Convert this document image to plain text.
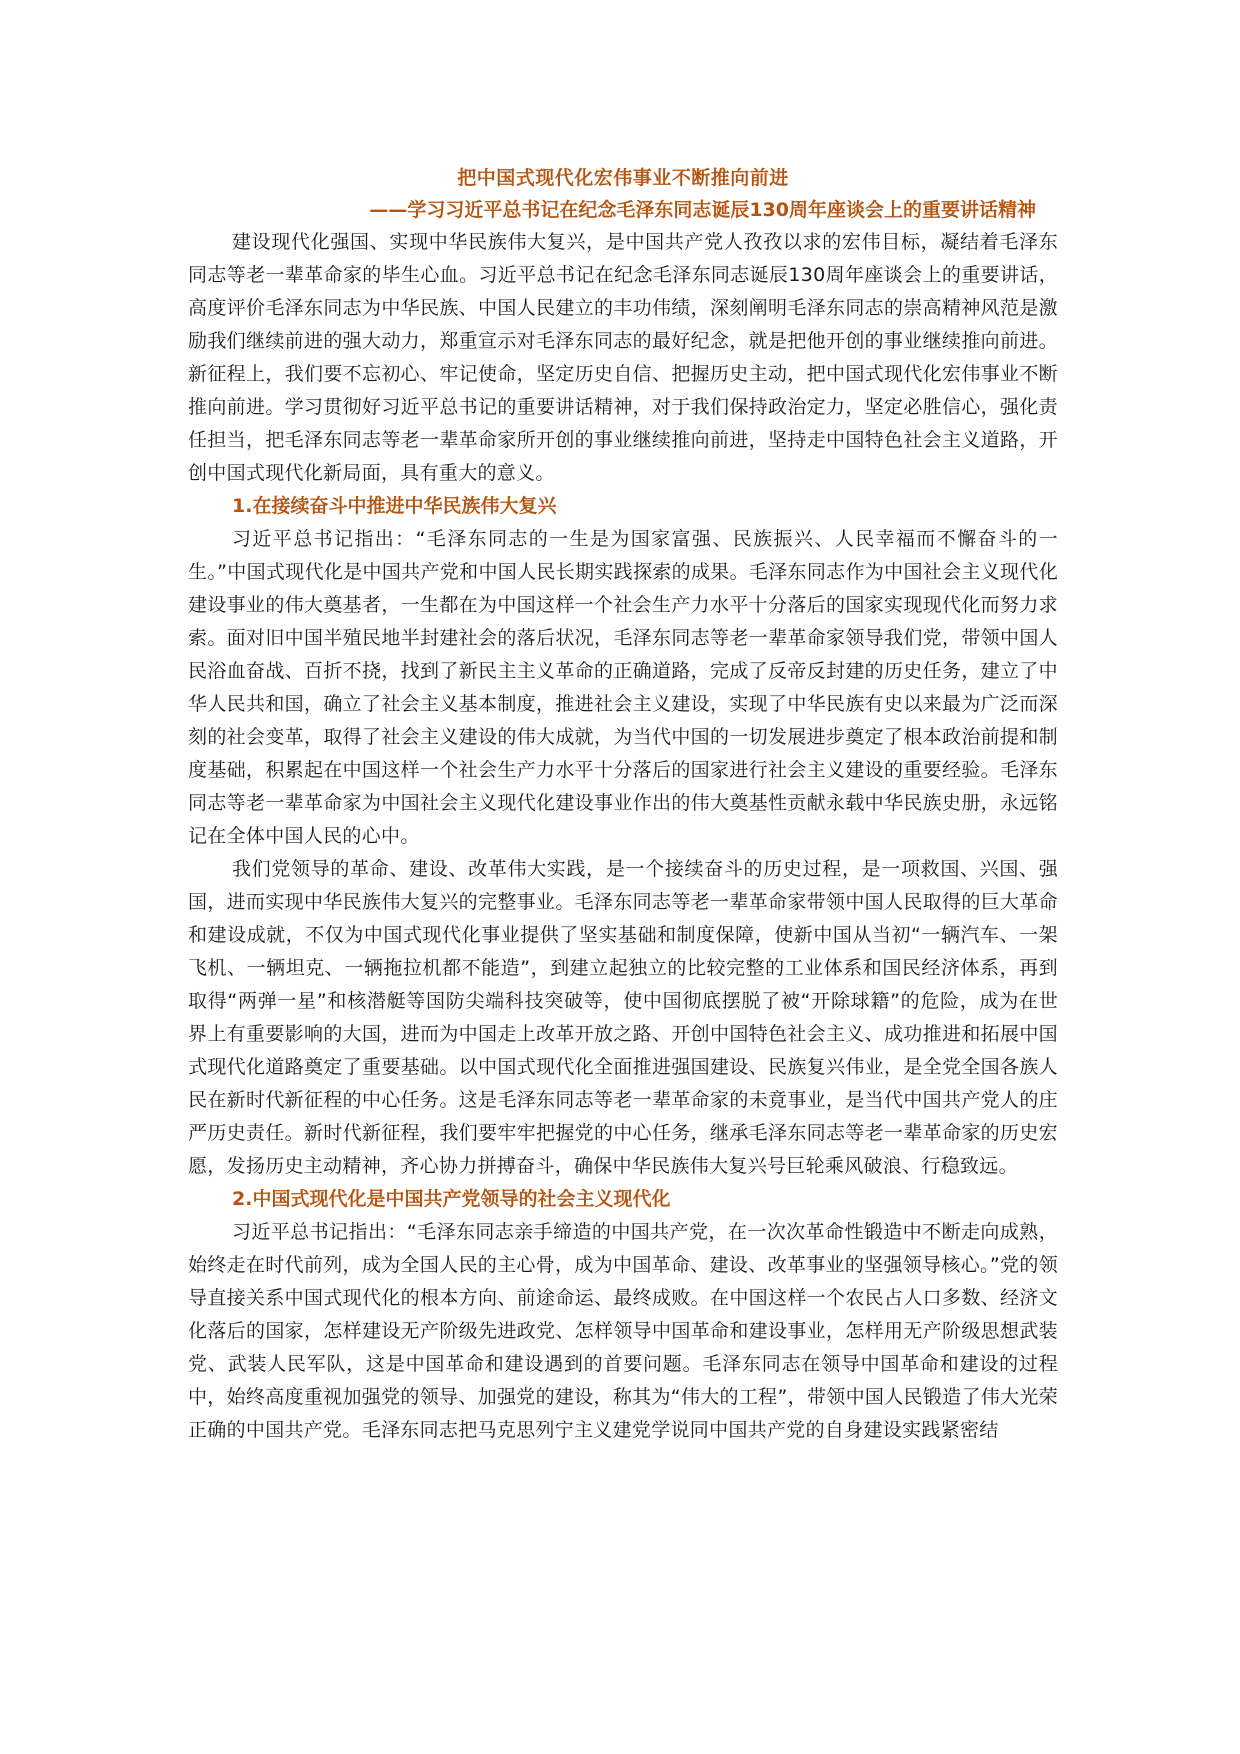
把中国式现代化宏伟事业不断推向前进
——学习习近平总书记在纪念毛泽东同志诞辰130周年座谈会上的重要讲话精神

建设现代化强国、实现中华民族伟大复兴，是中国共产党人孜孜以求的宏伟目标，凝结着毛泽东同志等老一辈革命家的毕生心血。习近平总书记在纪念毛泽东同志诞辰130周年座谈会上的重要讲话，高度评价毛泽东同志为中华民族、中国人民建立的丰功伟绩，深刻阐明毛泽东同志的崇高精神风范是激励我们继续前进的强大动力，郑重宣示对毛泽东同志的最好纪念，就是把他开创的事业继续推向前进。新征程上，我们要不忘初心、牢记使命，坚定历史自信、把握历史主动，把中国式现代化宏伟事业不断推向前进。学习贯彻好习近平总书记的重要讲话精神，对于我们保持政治定力，坚定必胜信心，强化责任担当，把毛泽东同志等老一辈革命家所开创的事业继续推向前进，坚持走中国特色社会主义道路，开创中国式现代化新局面，具有重大的意义。

1.在接续奋斗中推进中华民族伟大复兴

习近平总书记指出：“毛泽东同志的一生是为国家富强、民族振兴、人民幸福而不懈奋斗的一生。”中国式现代化是中国共产党和中国人民长期实践探索的成果。毛泽东同志作为中国社会主义现代化建设事业的伟大奠基者，一生都在为中国这样一个社会生产力水平十分落后的国家实现现代化而努力求索。面对旧中国半殖民地半封建社会的落后状况，毛泽东同志等老一辈革命家领导我们党，带领中国人民浴血奋战、百折不挠，找到了新民主主义革命的正确道路，完成了反帝反封建的历史任务，建立了中华人民共和国，确立了社会主义基本制度，推进社会主义建设，实现了中华民族有史以来最为广泛而深刻的社会变革，取得了社会主义建设的伟大成就，为当代中国的一切发展进步奠定了根本政治前提和制度基础，积累起在中国这样一个社会生产力水平十分落后的国家进行社会主义建设的重要经验。毛泽东同志等老一辈革命家为中国社会主义现代化建设事业作出的伟大奠基性贡献永载中华民族史册，永远铭记在全体中国人民的心中。

我们党领导的革命、建设、改革伟大实践，是一个接续奋斗的历史过程，是一项救国、兴国、强国，进而实现中华民族伟大复兴的完整事业。毛泽东同志等老一辈革命家带领中国人民取得的巨大革命和建设成就，不仅为中国式现代化事业提供了坚实基础和制度保障，使新中国从当初“一辆汽车、一架飞机、一辆坦克、一辆拖拉机都不能造”，到建立起独立的比较完整的工业体系和国民经济体系，再到取得“两弹一星”和核潜艇等国防尖端科技突破等，使中国彻底摆脱了被“开除球籍”的危险，成为在世界上有重要影响的大国，进而为中国走上改革开放之路、开创中国特色社会主义、成功推进和拓展中国式现代化道路奠定了重要基础。以中国式现代化全面推进强国建设、民族复兴伟业，是全党全国各族人民在新时代新征程的中心任务。这是毛泽东同志等老一辈革命家的未竟事业，是当代中国共产党人的庄严历史责任。新时代新征程，我们要牢牢把握党的中心任务，继承毛泽东同志等老一辈革命家的历史宏愿，发扬历史主动精神，齐心协力拼搏奋斗，确保中华民族伟大复兴号巨轮乘风破浪、行稳致远。

2.中国式现代化是中国共产党领导的社会主义现代化

习近平总书记指出：“毛泽东同志亲手缔造的中国共产党，在一次次革命性锻造中不断走向成熟，始终走在时代前列，成为全国人民的主心骨，成为中国革命、建设、改革事业的坚强领导核心。”党的领导直接关系中国式现代化的根本方向、前途命运、最终成败。在中国这样一个农民占人口多数、经济文化落后的国家，怎样建设无产阶级先进政党、怎样领导中国革命和建设事业，怎样用无产阶级思想武装党、武装人民军队，这是中国革命和建设遇到的首要问题。毛泽东同志在领导中国革命和建设的过程中，始终高度重视加强党的领导、加强党的建设，称其为“伟大的工程”，带领中国人民锻造了伟大光荣正确的中国共产党。毛泽东同志把马克思列宁主义建党学说同中国共产党的自身建设实践紧密结
